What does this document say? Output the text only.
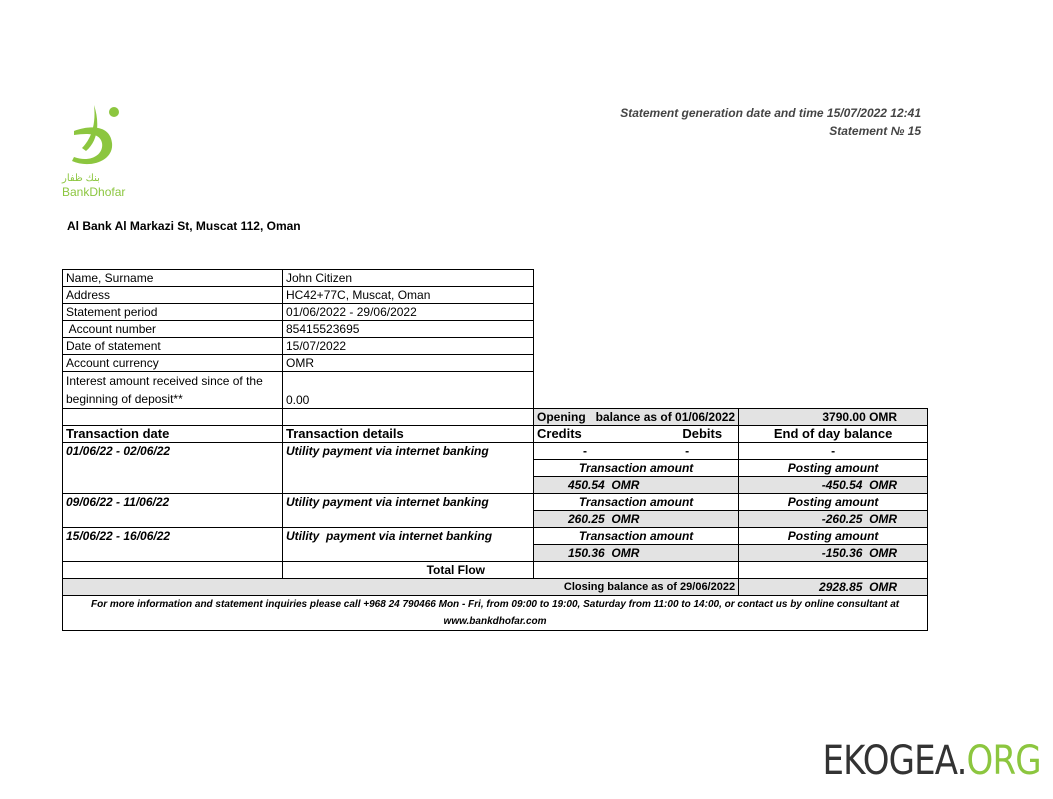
Statement generation date and time 15/07/2022 12:41
Statement № 15
بنك ظفار
BankDhofar
Al Bank Al Markazi St, Muscat 112, Oman
Name, Surname	John Citizen			
Address	HC42+77C, Muscat, Oman			
Statement period	01/06/2022 - 29/06/2022			
Account number	85415523695			
Date of statement	15/07/2022			
Account currency	OMR			
Interest amount received since of the beginning of deposit**	0.00			
		Opening   balance as of 01/06/2022		3790.00 OMR
Transaction date	Transaction details	Credits	Debits	End of day balance
01/06/22 - 02/06/22	Utility payment via internet banking	-	-	-
		Transaction amount		Posting amount
		450.54  OMR		-450.54  OMR
09/06/22 - 11/06/22	Utility payment via internet banking	Transaction amount		Posting amount
		260.25  OMR		-260.25  OMR
15/06/22 - 16/06/22	Utility  payment via internet banking	Transaction amount		Posting amount
		150.36  OMR		-150.36  OMR
	Total Flow			
Closing balance as of 29/06/2022				2928.85  OMR
For more information and statement inquiries please call +968 24 790466 Mon - Fri, from 09:00 to 19:00, Saturday from 11:00 to 14:00, or contact us by online consultant at www.bankdhofar.com				
EKOGEA.ORG
